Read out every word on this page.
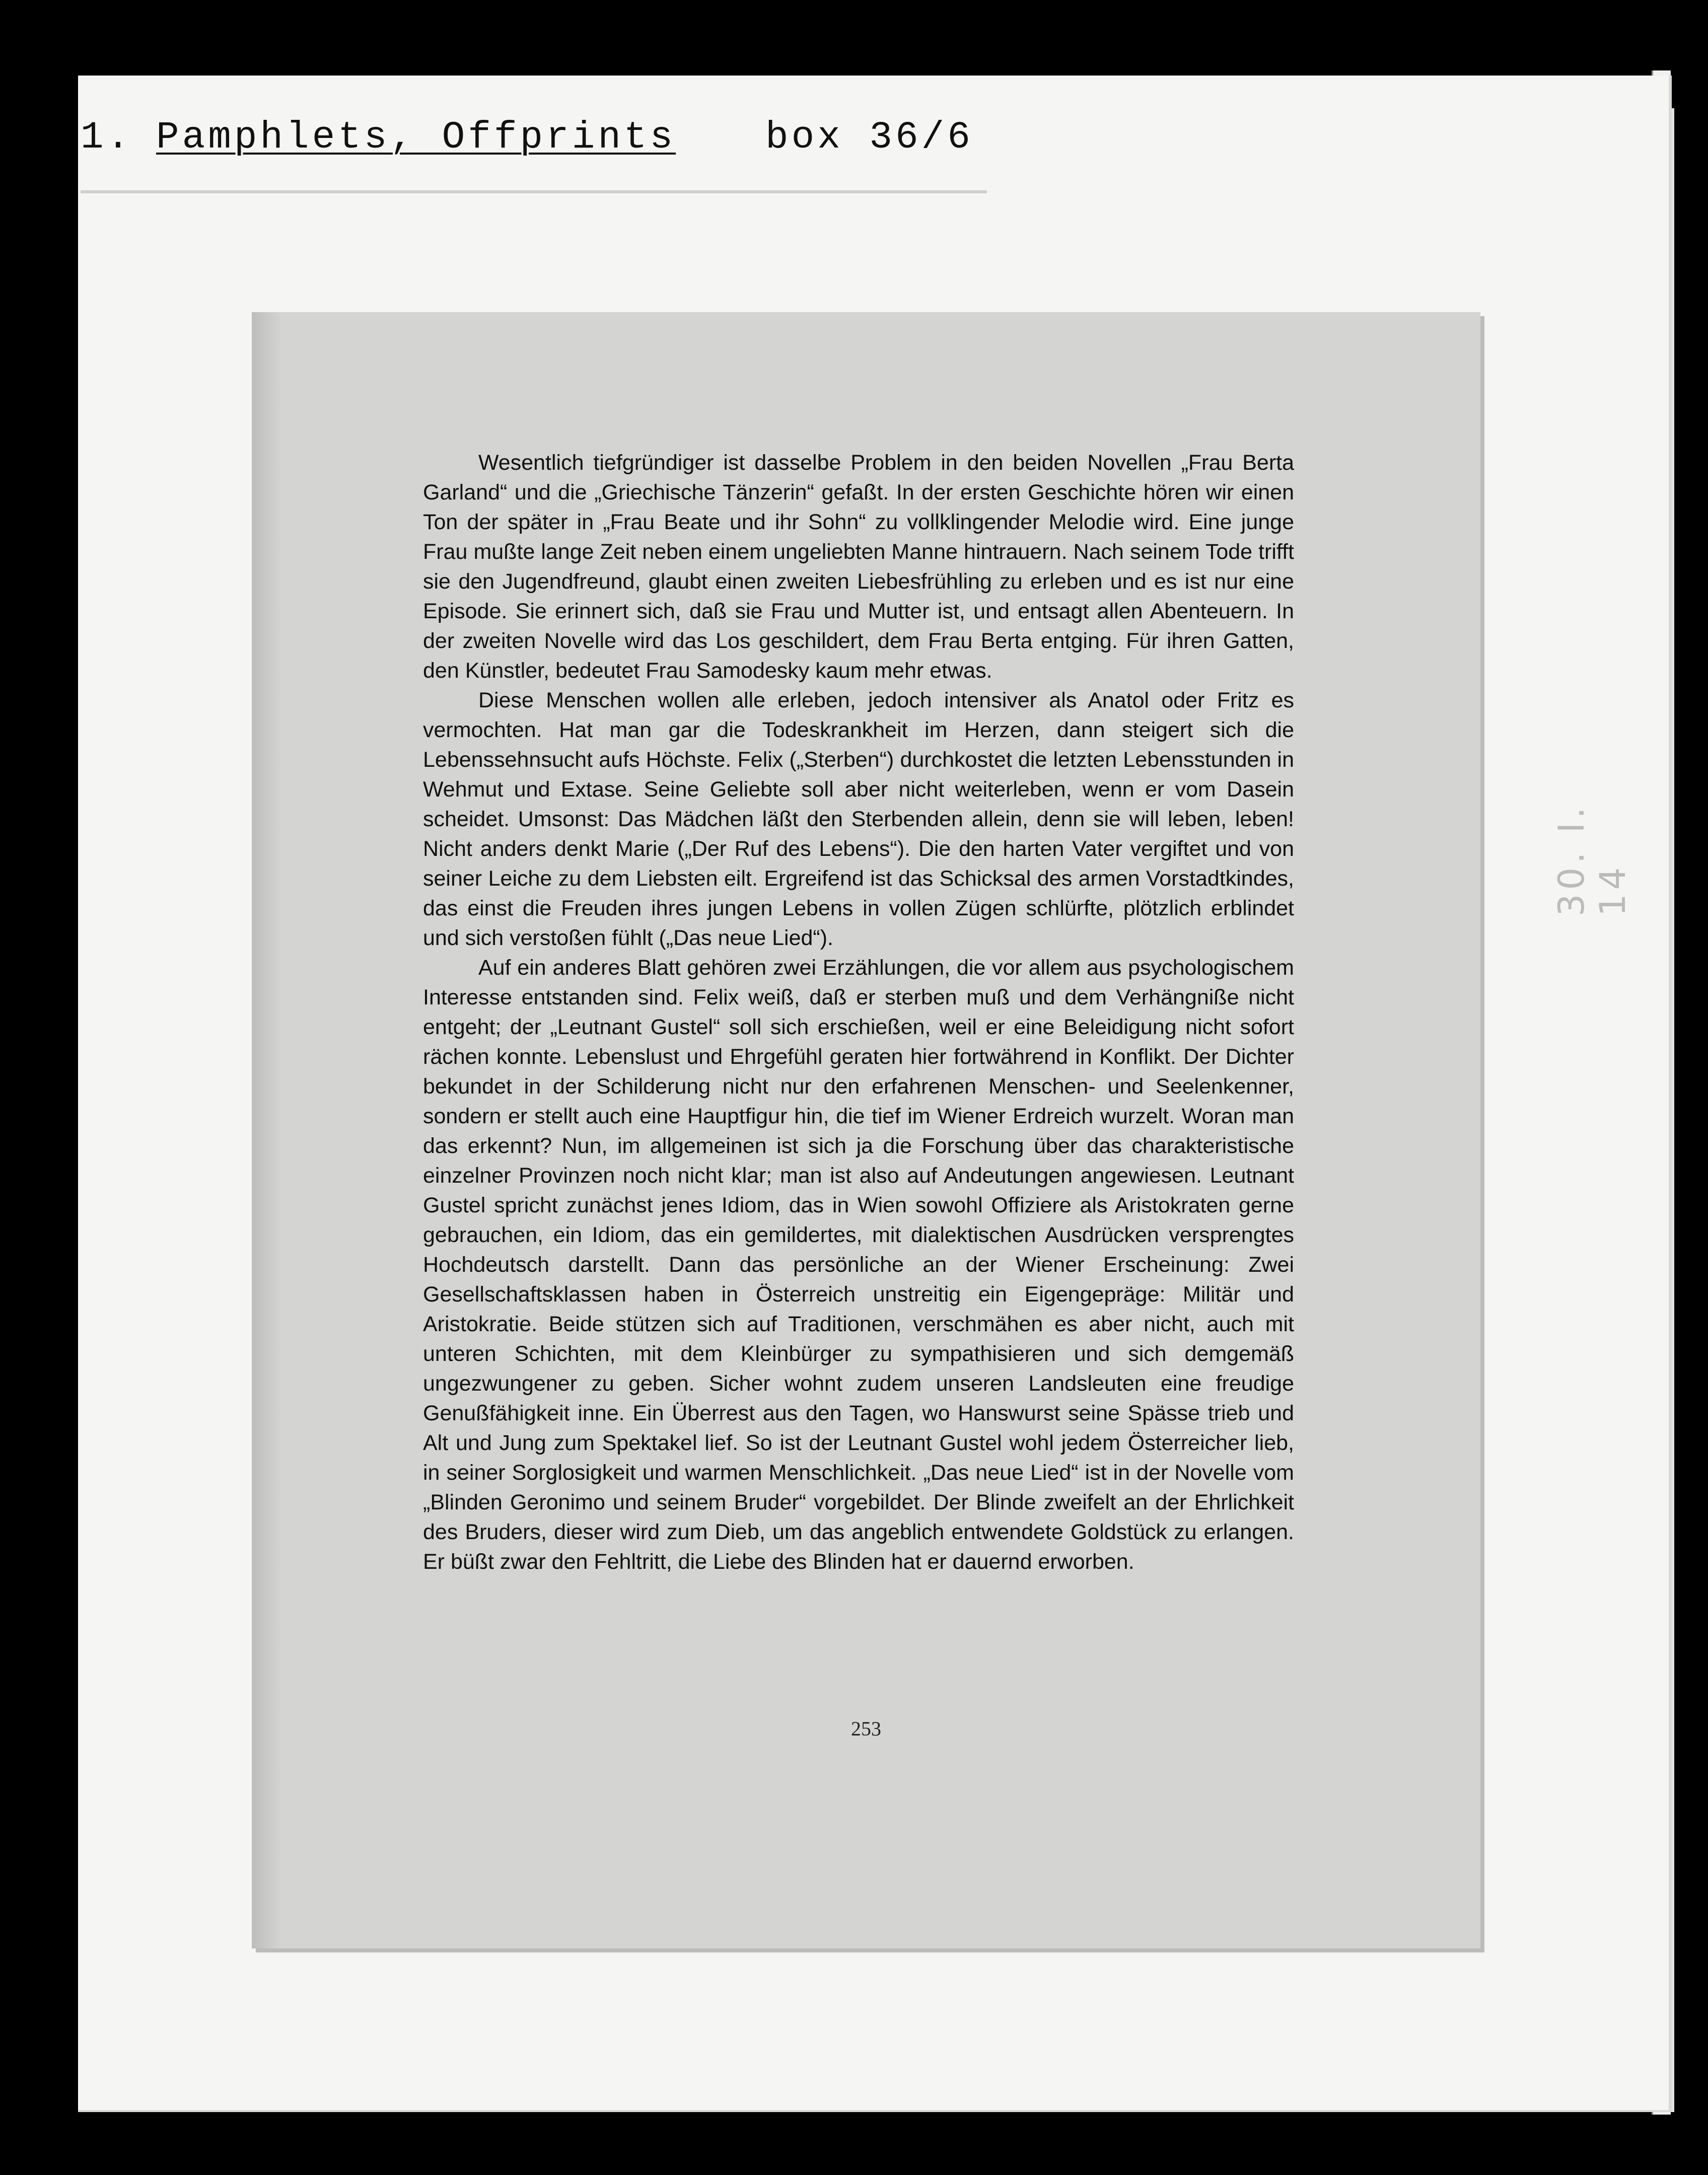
1. Pamphlets, Offprints box 36/6
30. I. 14

Wesentlich tiefgründiger ist dasselbe Problem in den beiden Novellen „Frau Berta Garland“ und die „Griechische Tänzerin“ gefaßt. In der ersten Geschichte hören wir einen Ton der später in „Frau Beate und ihr Sohn“ zu vollklingender Melodie wird. Eine junge Frau mußte lange Zeit neben einem ungeliebten Manne hintrauern. Nach seinem Tode trifft sie den Jugendfreund, glaubt einen zweiten Liebesfrühling zu erleben und es ist nur eine Episode. Sie erinnert sich, daß sie Frau und Mutter ist, und entsagt allen Abenteuern. In der zweiten Novelle wird das Los geschildert, dem Frau Berta entging. Für ihren Gatten, den Künstler, bedeutet Frau Samodesky kaum mehr etwas.

Diese Menschen wollen alle erleben, jedoch intensiver als Anatol oder Fritz es vermochten. Hat man gar die Todeskrankheit im Herzen, dann steigert sich die Lebenssehnsucht aufs Höchste. Felix („Sterben“) durchkostet die letzten Lebensstunden in Wehmut und Extase. Seine Geliebte soll aber nicht weiterleben, wenn er vom Dasein scheidet. Umsonst: Das Mädchen läßt den Sterbenden allein, denn sie will leben, leben! Nicht anders denkt Marie („Der Ruf des Lebens“). Die den harten Vater vergiftet und von seiner Leiche zu dem Liebsten eilt. Ergreifend ist das Schicksal des armen Vorstadtkindes, das einst die Freuden ihres jungen Lebens in vollen Zügen schlürfte, plötzlich erblindet und sich verstoßen fühlt („Das neue Lied“).

Auf ein anderes Blatt gehören zwei Erzählungen, die vor allem aus psychologischem Interesse entstanden sind. Felix weiß, daß er sterben muß und dem Verhängniße nicht entgeht; der „Leutnant Gustel“ soll sich erschießen, weil er eine Beleidigung nicht sofort rächen konnte. Lebenslust und Ehrgefühl geraten hier fortwährend in Konflikt. Der Dichter bekundet in der Schilderung nicht nur den erfahrenen Menschen- und Seelenkenner, sondern er stellt auch eine Hauptfigur hin, die tief im Wiener Erdreich wurzelt. Woran man das erkennt? Nun, im allgemeinen ist sich ja die Forschung über das charakteristische einzelner Provinzen noch nicht klar; man ist also auf Andeutungen angewiesen. Leutnant Gustel spricht zunächst jenes Idiom, das in Wien sowohl Offiziere als Aristokraten gerne gebrauchen, ein Idiom, das ein gemildertes, mit dialektischen Ausdrücken versprengtes Hochdeutsch darstellt. Dann das persönliche an der Wiener Erscheinung: Zwei Gesellschaftsklassen haben in Österreich unstreitig ein Eigengepräge: Militär und Aristokratie. Beide stützen sich auf Traditionen, verschmähen es aber nicht, auch mit unteren Schichten, mit dem Kleinbürger zu sympathisieren und sich demgemäß ungezwungener zu geben. Sicher wohnt zudem unseren Landsleuten eine freudige Genußfähigkeit inne. Ein Überrest aus den Tagen, wo Hanswurst seine Spässe trieb und Alt und Jung zum Spektakel lief. So ist der Leutnant Gustel wohl jedem Österreicher lieb, in seiner Sorglosigkeit und warmen Menschlichkeit. „Das neue Lied“ ist in der Novelle vom „Blinden Geronimo und seinem Bruder“ vorgebildet. Der Blinde zweifelt an der Ehrlichkeit des Bruders, dieser wird zum Dieb, um das angeblich entwendete Goldstück zu erlangen. Er büßt zwar den Fehltritt, die Liebe des Blinden hat er dauernd erworben.

253
